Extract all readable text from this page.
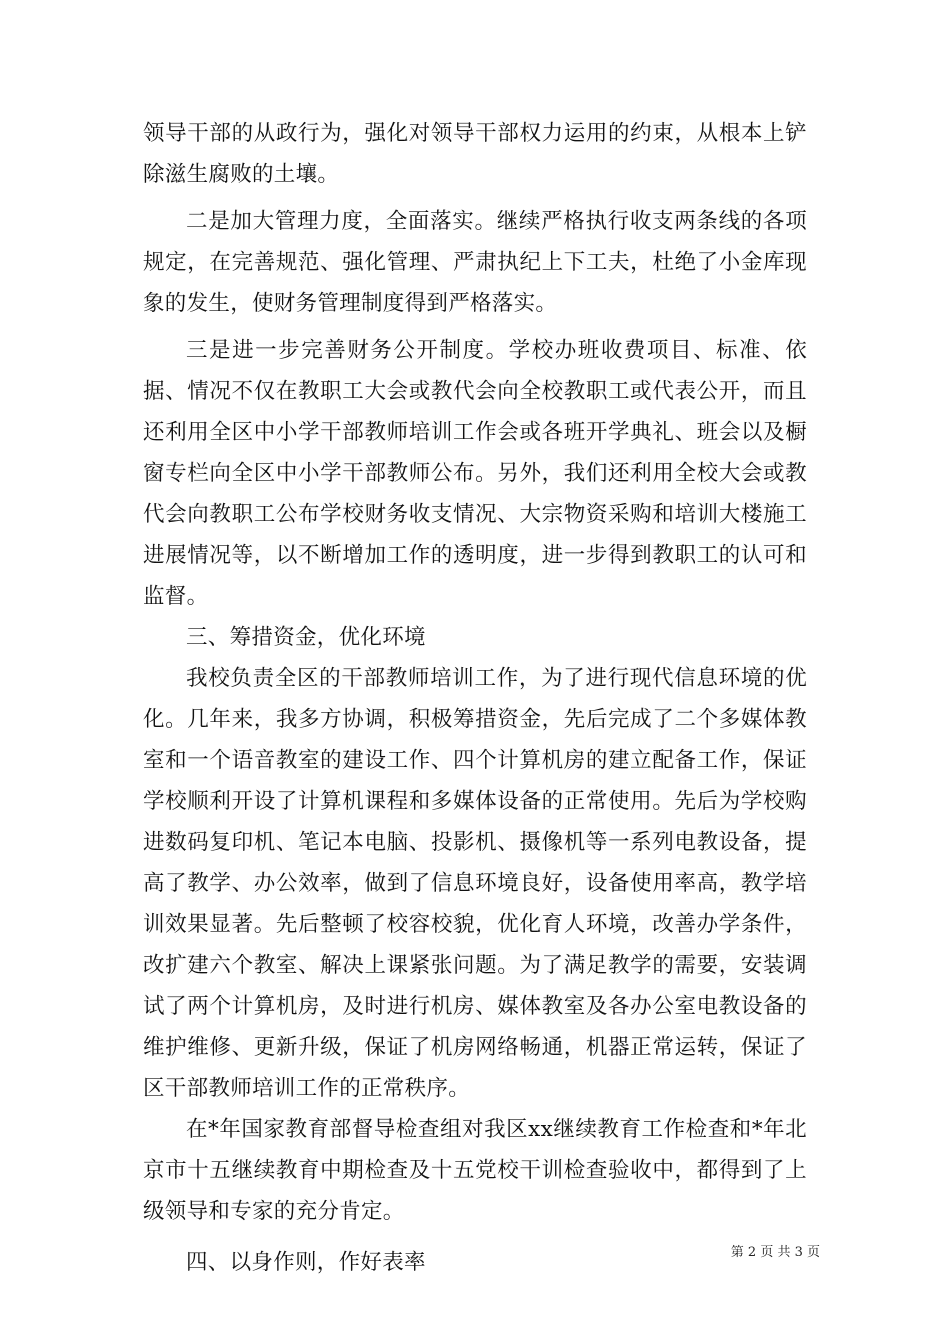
领导干部的从政行为，强化对领导干部权力运用的约束，从根本上铲除滋生腐败的土壤。

二是加大管理力度，全面落实。继续严格执行收支两条线的各项规定，在完善规范、强化管理、严肃执纪上下工夫，杜绝了小金库现象的发生，使财务管理制度得到严格落实。

三是进一步完善财务公开制度。学校办班收费项目、标准、依据、情况不仅在教职工大会或教代会向全校教职工或代表公开，而且还利用全区中小学干部教师培训工作会或各班开学典礼、班会以及橱窗专栏向全区中小学干部教师公布。另外，我们还利用全校大会或教代会向教职工公布学校财务收支情况、大宗物资采购和培训大楼施工进展情况等，以不断增加工作的透明度，进一步得到教职工的认可和监督。

三、筹措资金，优化环境

我校负责全区的干部教师培训工作，为了进行现代信息环境的优化。几年来，我多方协调，积极筹措资金，先后完成了二个多媒体教室和一个语音教室的建设工作、四个计算机房的建立配备工作，保证学校顺利开设了计算机课程和多媒体设备的正常使用。先后为学校购进数码复印机、笔记本电脑、投影机、摄像机等一系列电教设备，提高了教学、办公效率，做到了信息环境良好，设备使用率高，教学培训效果显著。先后整顿了校容校貌，优化育人环境，改善办学条件，改扩建六个教室、解决上课紧张问题。为了满足教学的需要，安装调试了两个计算机房，及时进行机房、媒体教室及各办公室电教设备的维护维修、更新升级，保证了机房网络畅通，机器正常运转，保证了区干部教师培训工作的正常秩序。

在*年国家教育部督导检查组对我区xx继续教育工作检查和*年北京市十五继续教育中期检查及十五党校干训检查验收中，都得到了上级领导和专家的充分肯定。

四、以身作则，作好表率	第 2 页 共 3 页
